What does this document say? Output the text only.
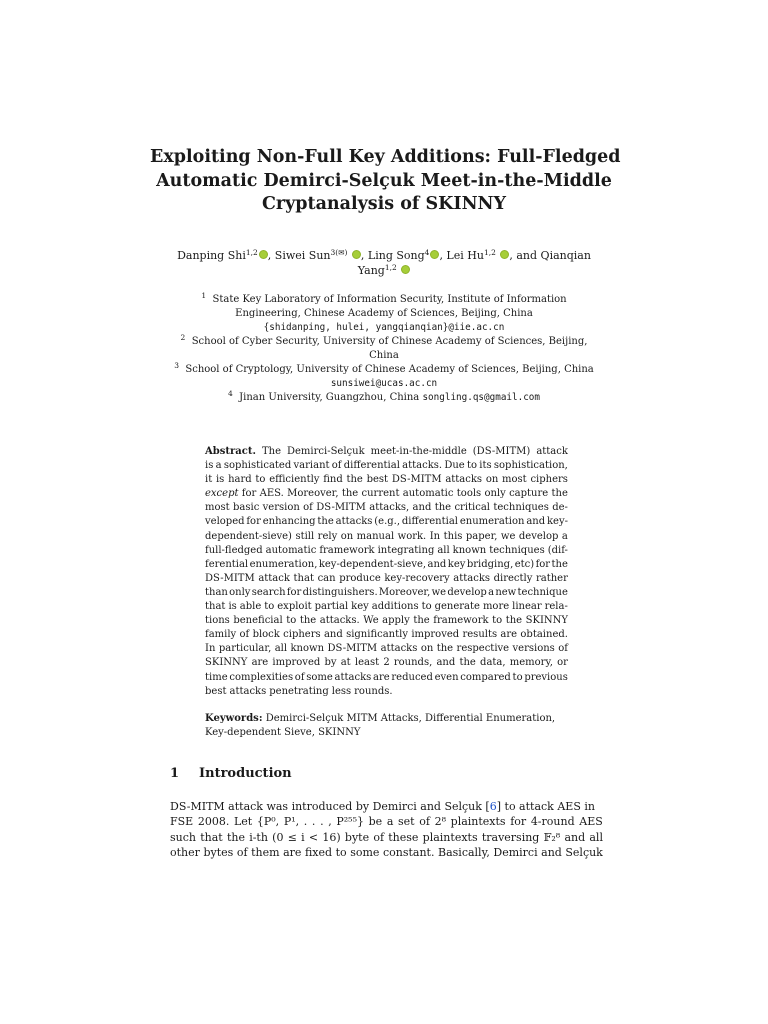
Exploiting Non-Full Key Additions: Full-Fledged
Automatic Demirci-Selçuk Meet-in-the-Middle
Cryptanalysis of SKINNY
Danping Shi$^{1,2}$ , Siwei Sun$^{3(✉)}$ , Ling Song$^4$ , Lei Hu$^{1,2}$ , and Qianqian
Yang$^{1,2}$
$^1$ State Key Laboratory of Information Security, Institute of Information
Engineering, Chinese Academy of Sciences, Beijing, China
{shidanping, hulei, yangqianqian}@iie.ac.cn
$^2$ School of Cyber Security, University of Chinese Academy of Sciences, Beijing,
China
$^3$ School of Cryptology, University of Chinese Academy of Sciences, Beijing, China
sunsiwei@ucas.ac.cn
$^4$ Jinan University, Guangzhou, China songling.qs@gmail.com
Abstract. The Demirci-Selçuk meet-in-the-middle (DS-MITM) attack
is a sophisticated variant of differential attacks. Due to its sophistication,
it is hard to efficiently find the best DS-MITM attacks on most ciphers
except for AES. Moreover, the current automatic tools only capture the
most basic version of DS-MITM attacks, and the critical techniques de-
veloped for enhancing the attacks (e.g., differential enumeration and key-
dependent-sieve) still rely on manual work. In this paper, we develop a
full-fledged automatic framework integrating all known techniques (dif-
ferential enumeration, key-dependent-sieve, and key bridging, etc) for the
DS-MITM attack that can produce key-recovery attacks directly rather
than only search for distinguishers. Moreover, we develop a new technique
that is able to exploit partial key additions to generate more linear rela-
tions beneficial to the attacks. We apply the framework to the SKINNY
family of block ciphers and significantly improved results are obtained.
In particular, all known DS-MITM attacks on the respective versions of
SKINNY are improved by at least 2 rounds, and the data, memory, or
time complexities of some attacks are reduced even compared to previous
best attacks penetrating less rounds.
Keywords: Demirci-Selçuk MITM Attacks, Differential Enumeration,
Key-dependent Sieve, SKINNY
1 Introduction
DS-MITM attack was introduced by Demirci and Selçuk [6] to attack AES in
FSE 2008. Let {P⁰, P¹, . . . , P²⁵⁵} be a set of 2⁸ plaintexts for 4-round AES
such that the i-th (0 ≤ i < 16) byte of these plaintexts traversing 𝔽₂⁸ and all
other bytes of them are fixed to some constant. Basically, Demirci and Selçuk
